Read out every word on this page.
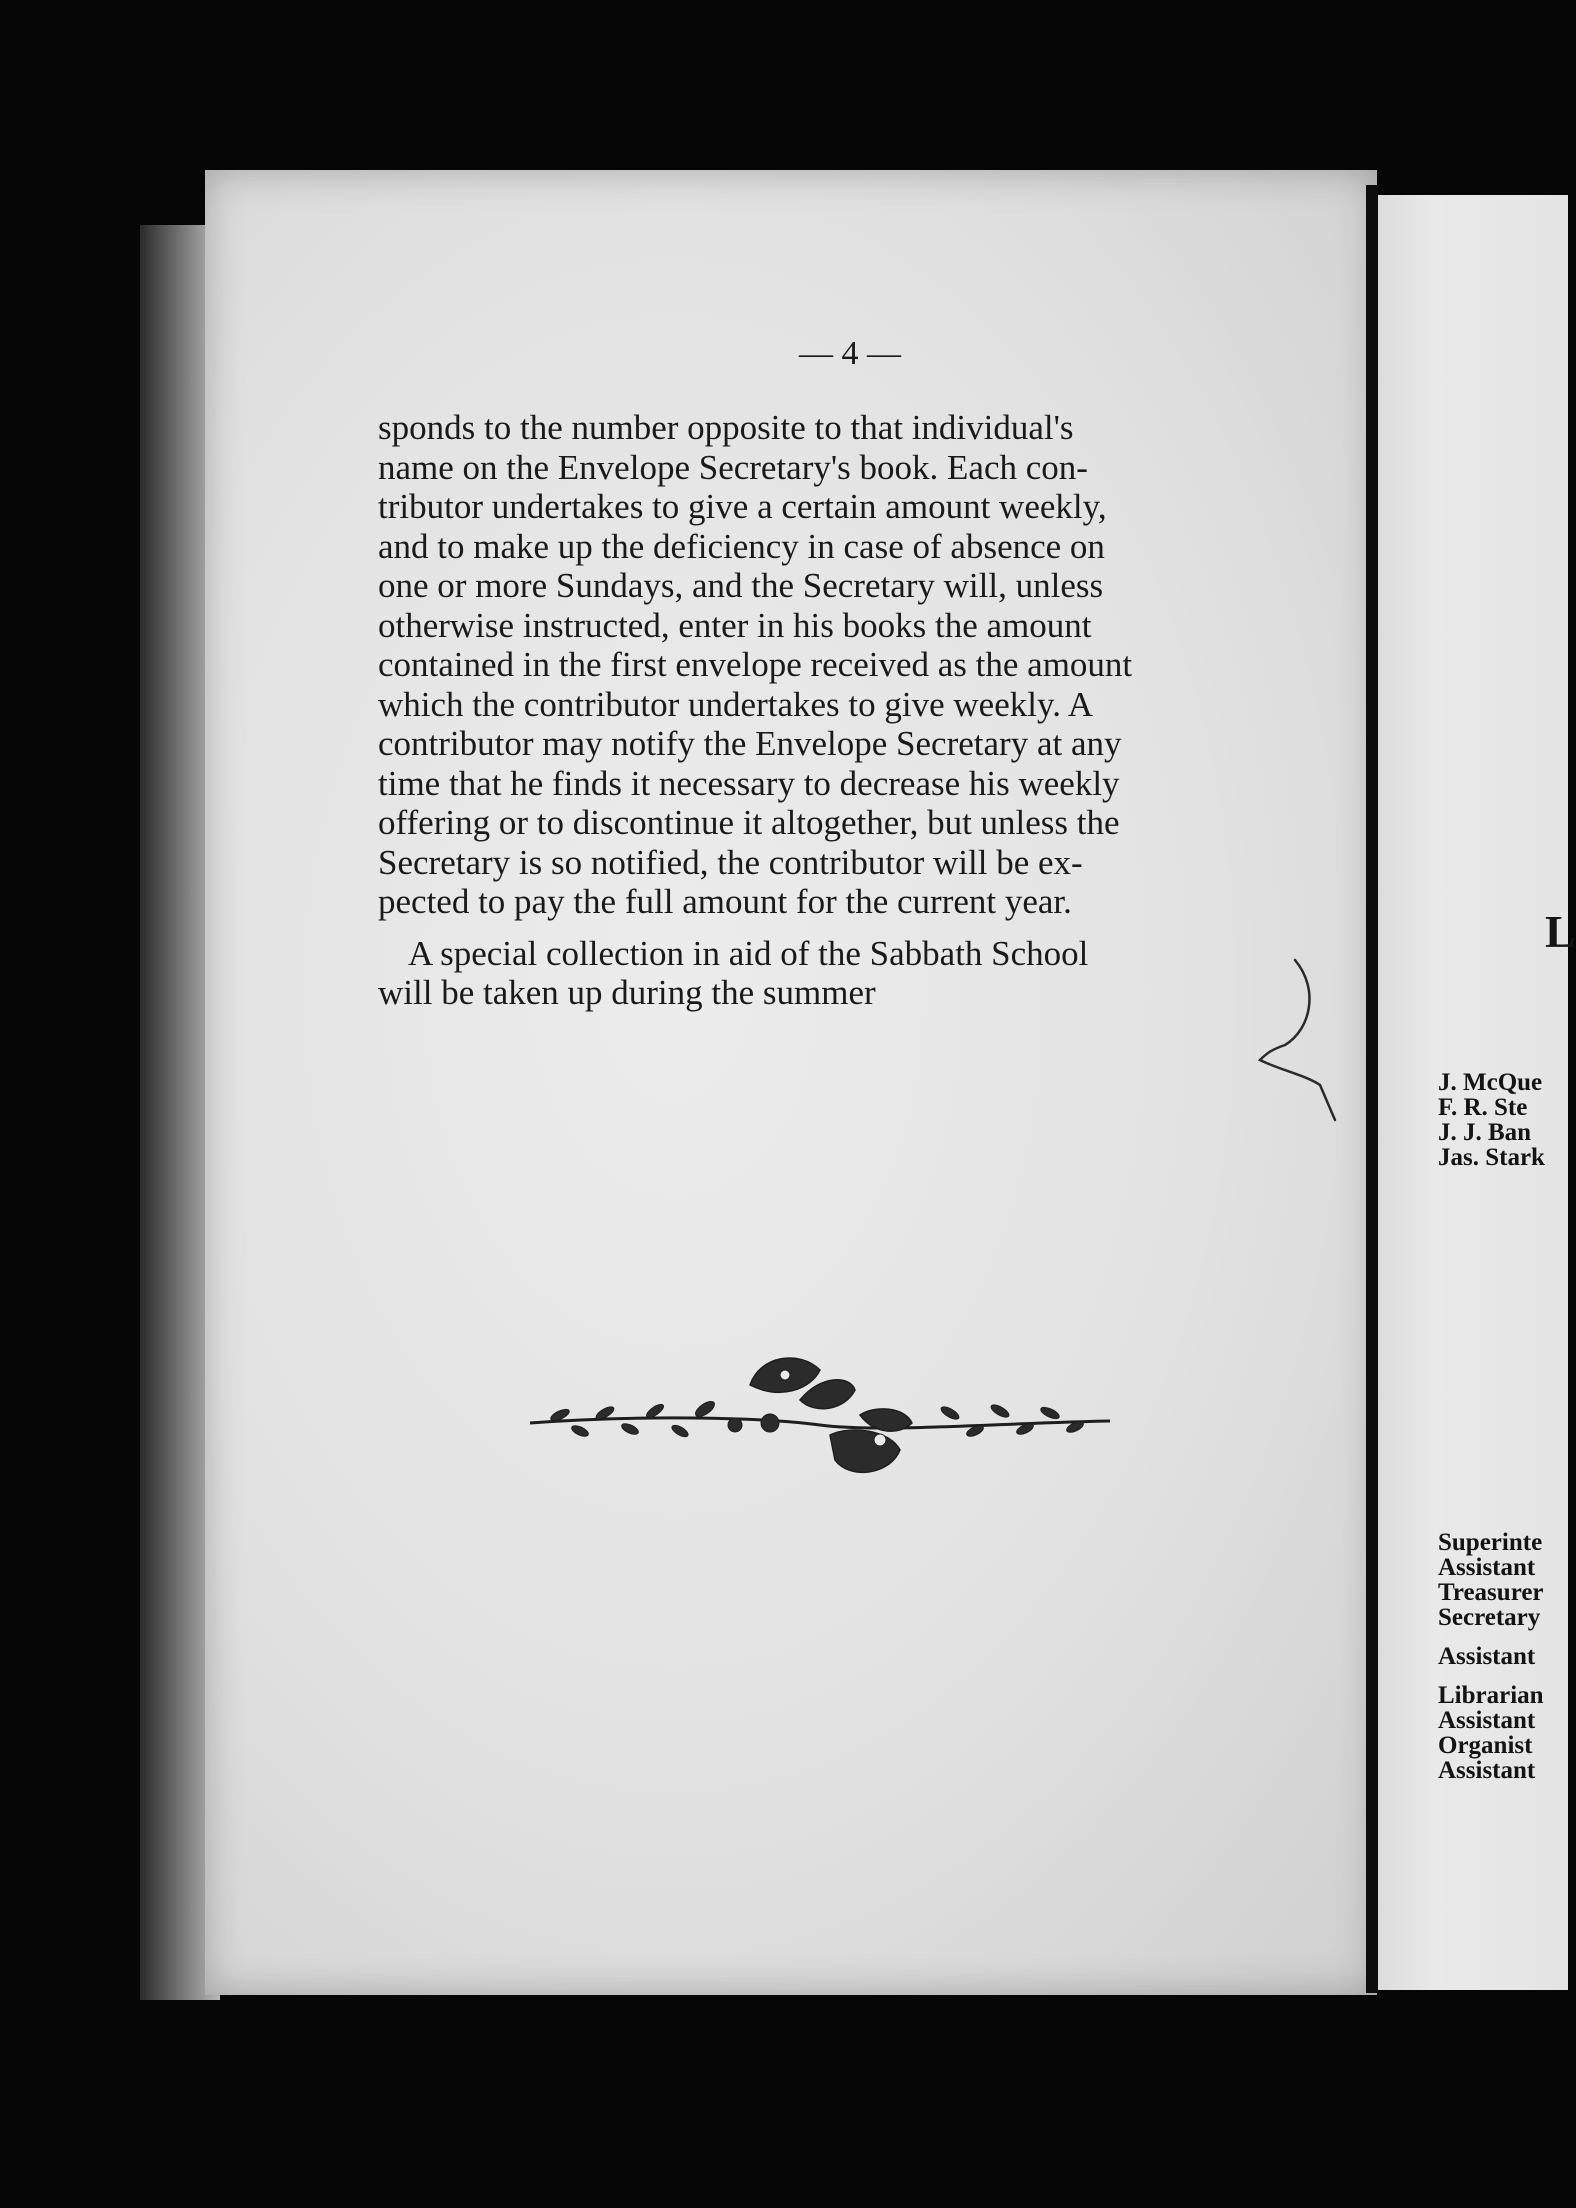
— 4 —
sponds to the number opposite to that individual's
name on the Envelope Secretary's book. Each con-
tributor undertakes to give a certain amount weekly,
and to make up the deficiency in case of absence on
one or more Sundays, and the Secretary will, unless
otherwise instructed, enter in his books the amount
contained in the first envelope received as the amount
which the contributor undertakes to give weekly. A
contributor may notify the Envelope Secretary at any
time that he finds it necessary to decrease his weekly
offering or to discontinue it altogether, but unless the
Secretary is so notified, the contributor will be ex-
pected to pay the full amount for the current year.
A special collection in aid of the Sabbath School
will be taken up during the summer
L
J. McQue
F. R. Ste
J. J. Ban
Jas. Stark
Superinte
Assistant
Treasurer
Secretary
Assistant
Librarian
Assistant
Organist
Assistant
